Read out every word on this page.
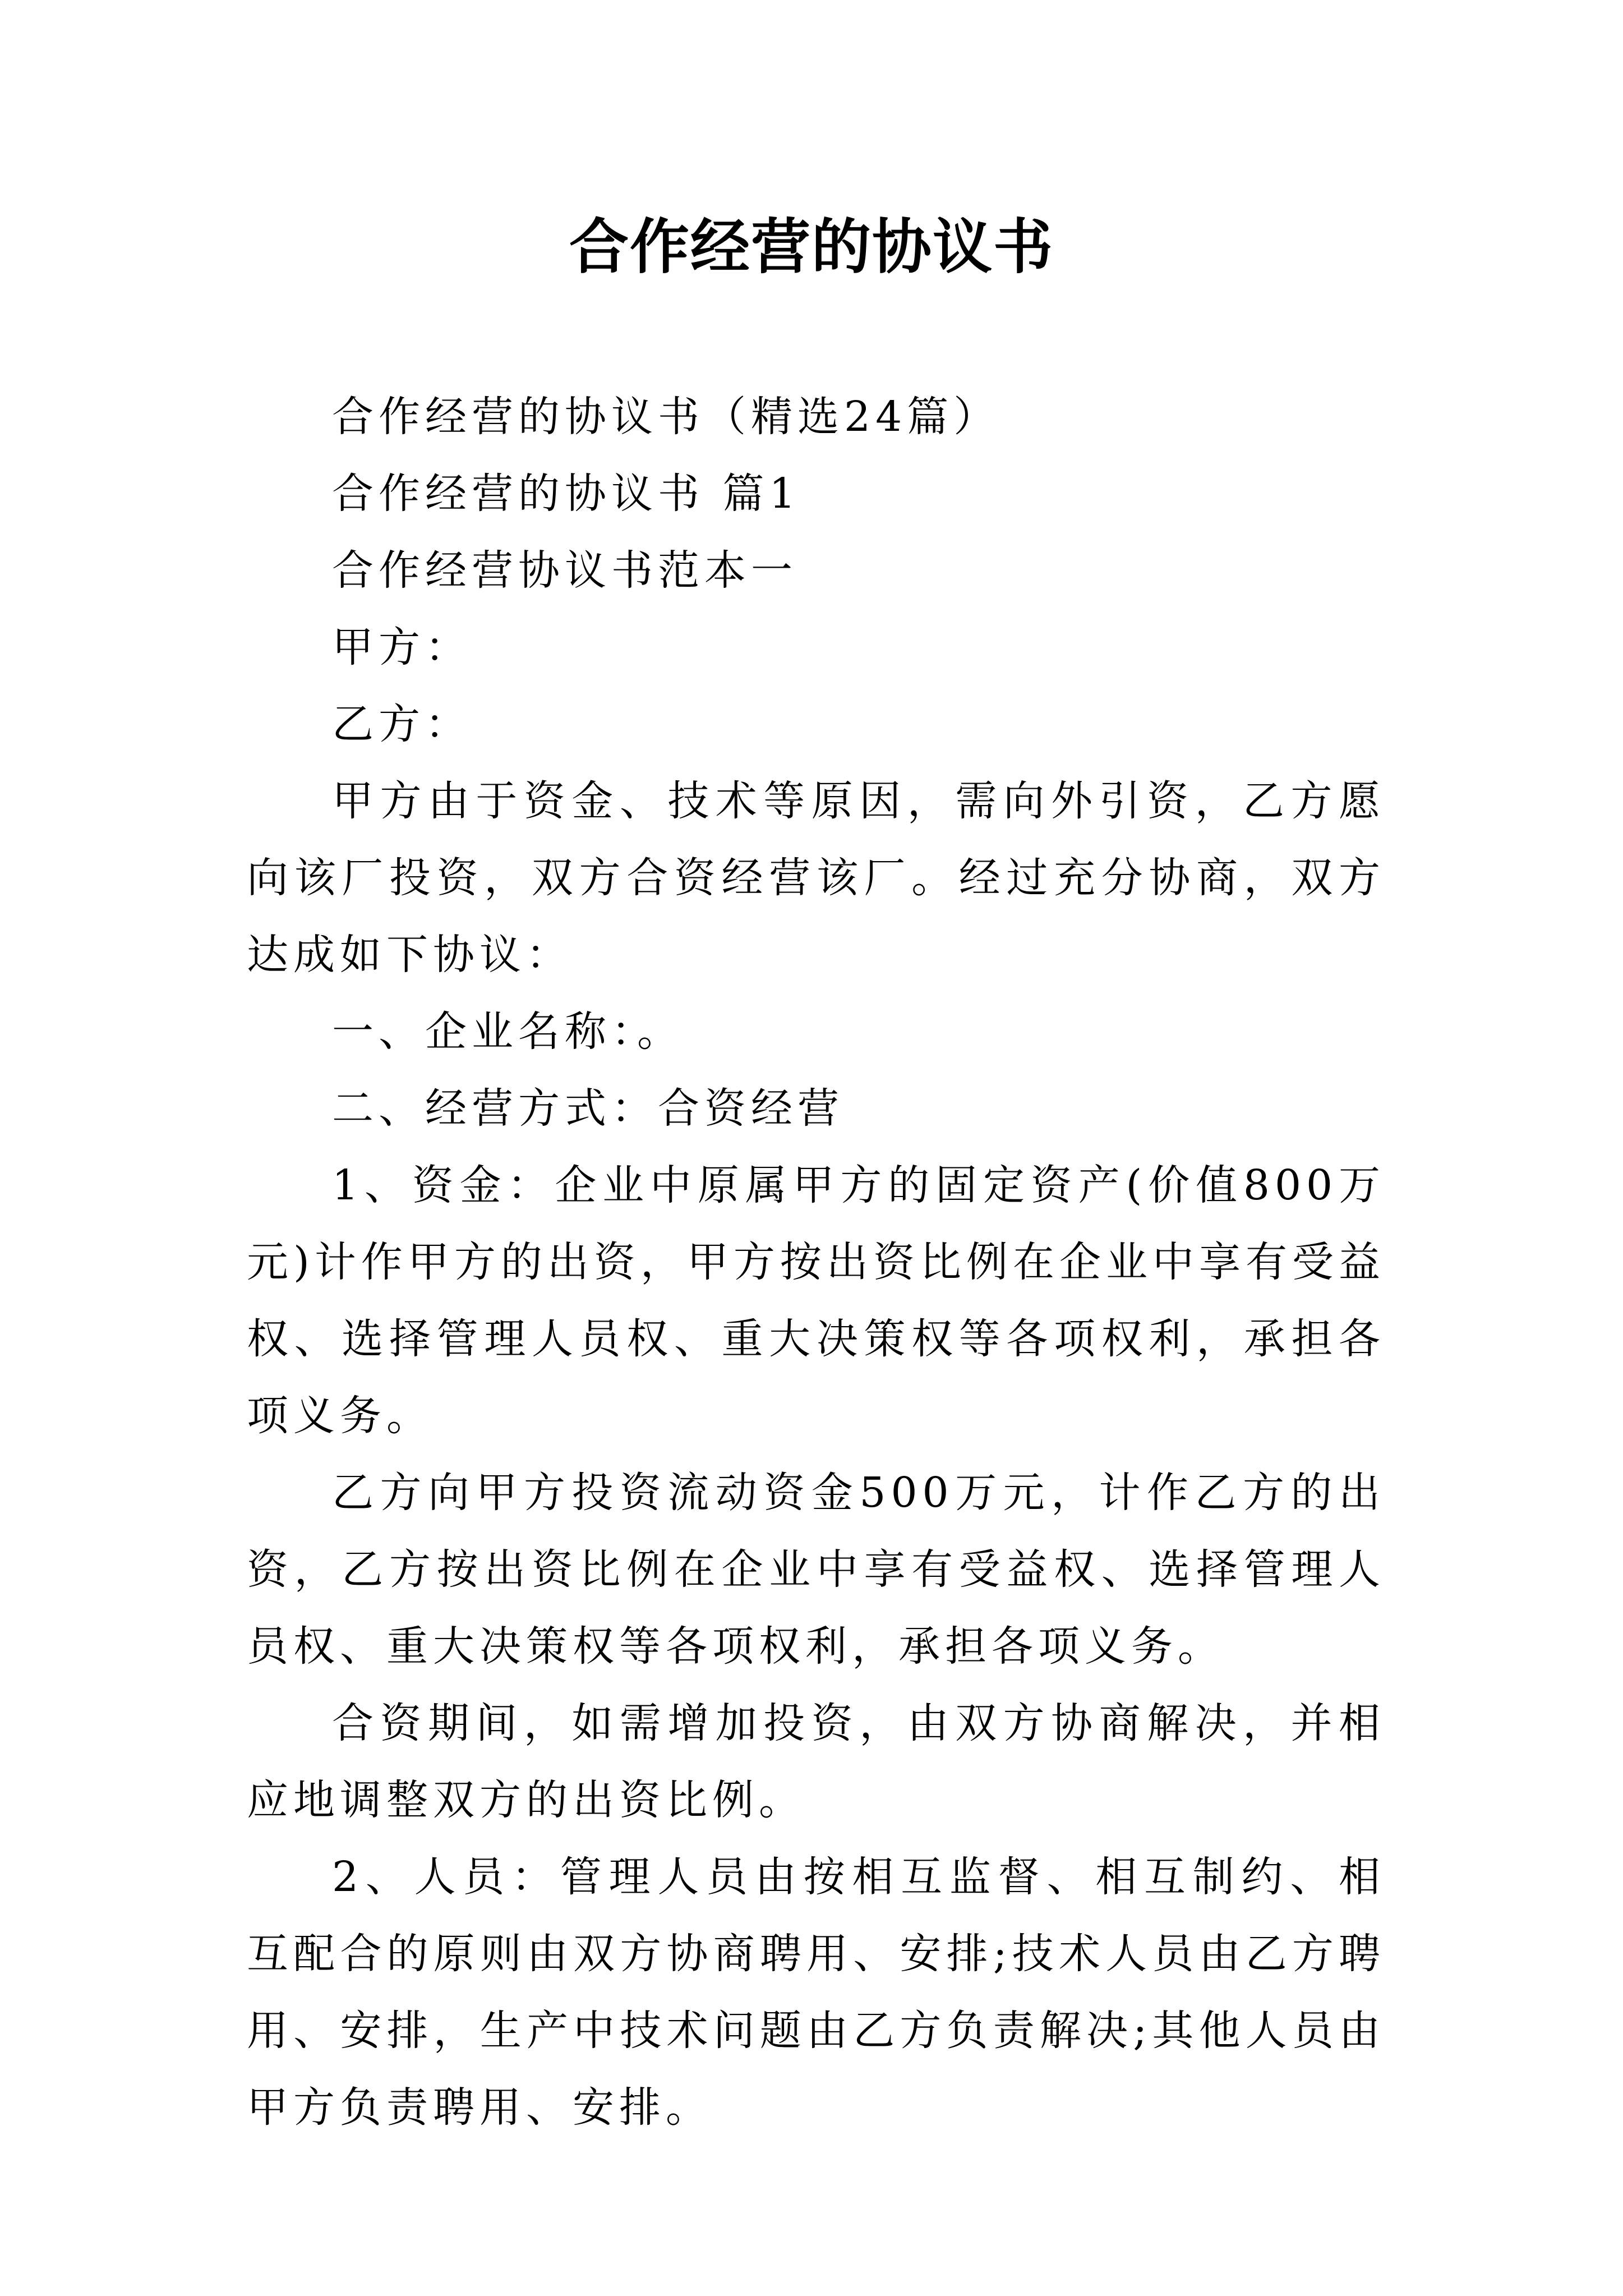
合作经营的协议书

合作经营的协议书（精选24篇）

合作经营的协议书 篇1

合作经营协议书范本一

甲方：

乙方：

甲方由于资金、技术等原因，需向外引资，乙方愿向该厂投资，双方合资经营该厂。经过充分协商，双方达成如下协议：

一、企业名称：。

二、经营方式：合资经营

1、资金：企业中原属甲方的固定资产(价值800万元)计作甲方的出资，甲方按出资比例在企业中享有受益权、选择管理人员权、重大决策权等各项权利，承担各项义务。

乙方向甲方投资流动资金500万元，计作乙方的出资，乙方按出资比例在企业中享有受益权、选择管理人员权、重大决策权等各项权利，承担各项义务。

合资期间，如需增加投资，由双方协商解决，并相应地调整双方的出资比例。

2、人员：管理人员由按相互监督、相互制约、相互配合的原则由双方协商聘用、安排;技术人员由乙方聘用、安排，生产中技术问题由乙方负责解决;其他人员由甲方负责聘用、安排。
